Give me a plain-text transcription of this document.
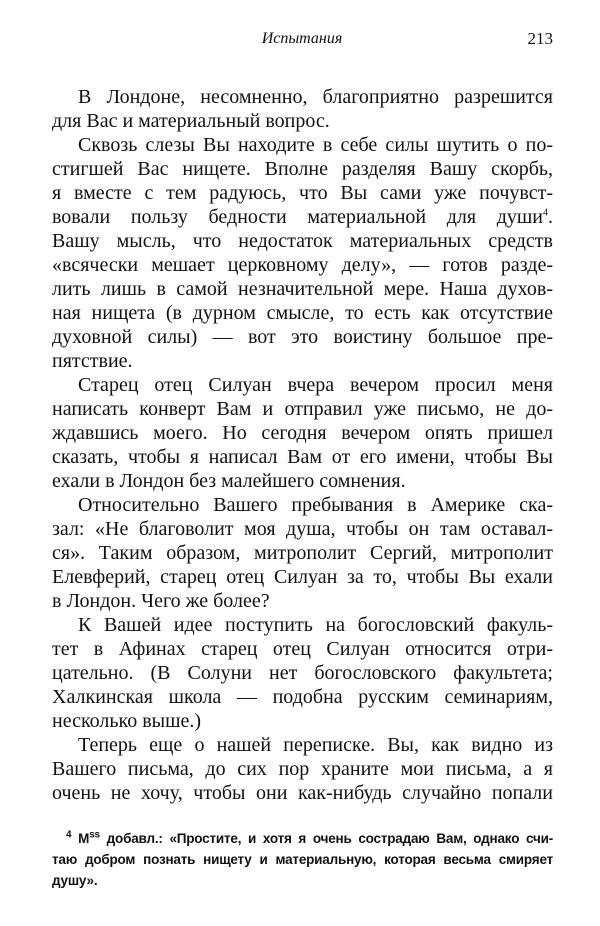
Испытания	213
В Лондоне, несомненно, благоприятно разрешится
для Вас и материальный вопрос.
Сквозь слезы Вы находите в себе силы шутить о по-
стигшей Вас нищете. Вполне разделяя Вашу скорбь,
я вместе с тем радуюсь, что Вы сами уже почувст-
вовали пользу бедности материальной для души$^4$.
Вашу мысль, что недостаток материальных средств
«всячески мешает церковному делу», — готов разде-
лить лишь в самой незначительной мере. Наша духов-
ная нищета (в дурном смысле, то есть как отсутствие
духовной силы) — вот это воистину большое пре-
пятствие.
Старец отец Силуан вчера вечером просил меня
написать конверт Вам и отправил уже письмо, не до-
ждавшись моего. Но сегодня вечером опять пришел
сказать, чтобы я написал Вам от его имени, чтобы Вы
ехали в Лондон без малейшего сомнения.
Относительно Вашего пребывания в Америке ска-
зал: «Не благоволит моя душа, чтобы он там оставал-
ся». Таким образом, митрополит Сергий, митрополит
Елевферий, старец отец Силуан за то, чтобы Вы ехали
в Лондон. Чего же более?
К Вашей идее поступить на богословский факуль-
тет в Афинах старец отец Силуан относится отри-
цательно. (В Солуни нет богословского факультета;
Халкинская школа — подобна русским семинариям,
несколько выше.)
Теперь еще о нашей переписке. Вы, как видно из
Вашего письма, до сих пор храните мои письма, а я
очень не хочу, чтобы они как-нибудь случайно попали
$^4$ $М^{ss}$ добавл.: «Простите, и хотя я очень сострадаю Вам, однако счи-
таю добром познать нищету и материальную, которая весьма смиряет
душу».
